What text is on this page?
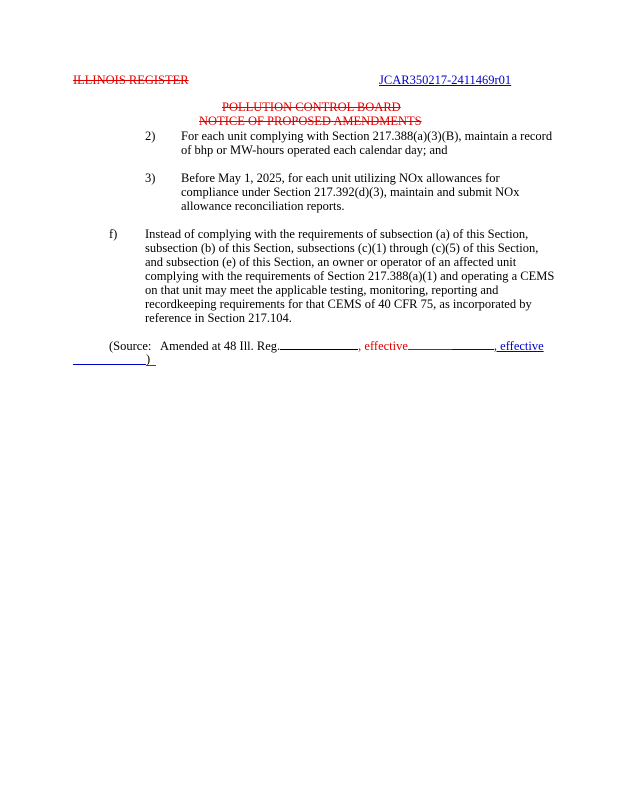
ILLINOIS REGISTER	JCAR350217-2411469r01
POLLUTION CONTROL BOARD
NOTICE OF PROPOSED AMENDMENTS
2) For each unit complying with Section 217.388(a)(3)(B), maintain a record
of bhp or MW-hours operated each calendar day; and
3) Before May 1, 2025, for each unit utilizing NOx allowances for
compliance under Section 217.392(d)(3), maintain and submit NOx
allowance reconciliation reports.
f) Instead of complying with the requirements of subsection (a) of this Section,
subsection (b) of this Section, subsections (c)(1) through (c)(5) of this Section,
and subsection (e) of this Section, an owner or operator of an affected unit
complying with the requirements of Section 217.388(a)(1) and operating a CEMS
on that unit may meet the applicable testing, monitoring, reporting and
recordkeeping requirements for that CEMS of 40 CFR 75, as incorporated by
reference in Section 217.104.
(Source: Amended at 48 Ill. Reg.	, effective	, effective
)
